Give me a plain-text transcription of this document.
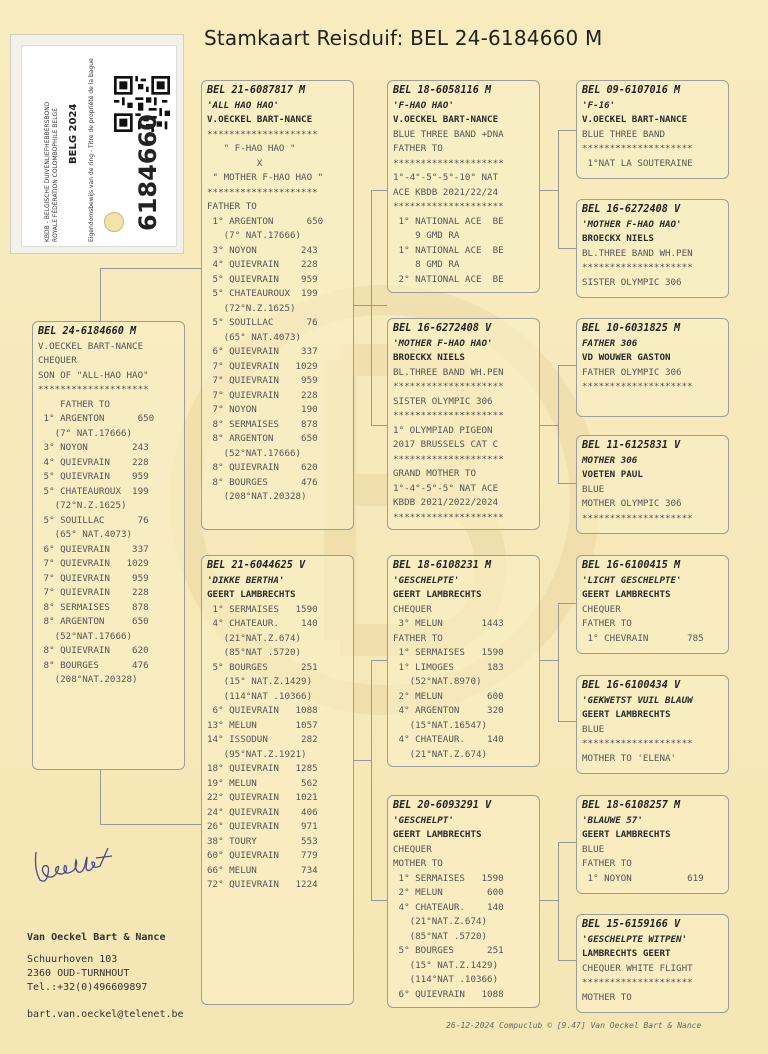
Stamkaart Reisduif: BEL 24-6184660 M
BELG 2024
KBDB - BELGISCHE DUIVENLIEFHEBBERSBOND ROYALE FÉDÉRATION COLOMBOPHILE BELGE	Eigendomsbewijs van de ring - Titre de propriété de la bague 6184660
BEL 24-6184660 M
V.OECKEL BART-NANCE
CHEQUER
SON OF "ALL-HAO HAO"
********************
FATHER TO
1° ARGENTON      650
(7° NAT.17666)
3° NOYON        243
4° QUIEVRAIN    228
5° QUIEVRAIN    959
5° CHATEAUROUX  199
(72°N.Z.1625)
5° SOUILLAC      76
(65° NAT.4073)
6° QUIEVRAIN    337
7° QUIEVRAIN   1029
7° QUIEVRAIN    959
7° QUIEVRAIN    228
8° SERMAISES    878
8° ARGENTON     650
(52°NAT.17666)
8° QUIEVRAIN    620
8° BOURGES      476
(208°NAT.20328)
BEL 21-6087817 M
'ALL HAO HAO'
V.OECKEL BART-NANCE
********************
" F-HAO HAO "
X
" MOTHER F-HAO HAO "
********************
FATHER TO
1° ARGENTON      650
(7° NAT.17666)
3° NOYON        243
4° QUIEVRAIN    228
5° QUIEVRAIN    959
5° CHATEAUROUX  199
(72°N.Z.1625)
5° SOUILLAC      76
(65° NAT.4073)
6° QUIEVRAIN    337
7° QUIEVRAIN   1029
7° QUIEVRAIN    959
7° QUIEVRAIN    228
7° NOYON        190
8° SERMAISES    878
8° ARGENTON     650
(52°NAT.17666)
8° QUIEVRAIN    620
8° BOURGES      476
(208°NAT.20328)
BEL 21-6044625 V
'DIKKE BERTHA'
GEERT LAMBRECHTS
1° SERMAISES   1590
4° CHATEAUR.    140
(21°NAT.Z.674)
(85°NAT .5720)
5° BOURGES      251
(15° NAT.Z.1429)
(114°NAT .10366)
6° QUIEVRAIN   1088
13° MELUN       1057
14° ISSODUN      282
(95°NAT.Z.1921)
18° QUIEVRAIN   1285
19° MELUN        562
22° QUIEVRAIN   1021
24° QUIEVRAIN    406
26° QUIEVRAIN    971
38° TOURY        553
60° QUIEVRAIN    779
66° MELUN        734
72° QUIEVRAIN   1224
BEL 18-6058116 M
'F-HAO HAO'
V.OECKEL BART-NANCE
BLUE THREE BAND +DNA
FATHER TO
********************
1°-4°-5°-5°-10° NAT
ACE KBDB 2021/22/24
********************
1° NATIONAL ACE  BE
9 GMD RA
1° NATIONAL ACE  BE
8 GMD RA
2° NATIONAL ACE  BE
BEL 16-6272408 V
'MOTHER F-HAO HAO'
BROECKX NIELS
BL.THREE BAND WH.PEN
********************
SISTER OLYMPIC 306
********************
1° OLYMPIAD PIGEON
2017 BRUSSELS CAT C
********************
GRAND MOTHER TO
1°-4°-5°-5° NAT ACE
KBDB 2021/2022/2024
********************
BEL 18-6108231 M
'GESCHELPTE'
GEERT LAMBRECHTS
CHEQUER
3° MELUN       1443
FATHER TO
1° SERMAISES   1590
1° LIMOGES      183
(52°NAT.8970)
2° MELUN        600
4° ARGENTON     320
(15°NAT.16547)
4° CHATEAUR.    140
(21°NAT.Z.674)
BEL 20-6093291 V
'GESCHELPT'
GEERT LAMBRECHTS
CHEQUER
MOTHER TO
1° SERMAISES   1590
2° MELUN        600
4° CHATEAUR.    140
(21°NAT.Z.674)
(85°NAT .5720)
5° BOURGES      251
(15° NAT.Z.1429)
(114°NAT .10366)
6° QUIEVRAIN   1088
BEL 09-6107016 M
'F-16'
V.OECKEL BART-NANCE
BLUE THREE BAND
********************
1°NAT LA SOUTERAINE
BEL 16-6272408 V
'MOTHER F-HAO HAO'
BROECKX NIELS
BL.THREE BAND WH.PEN
********************
SISTER OLYMPIC 306
BEL 10-6031825 M
FATHER 306
VD WOUWER GASTON
FATHER OLYMPIC 306
********************
BEL 11-6125831 V
MOTHER 306
VOETEN PAUL
BLUE
MOTHER OLYMPIC 306
********************
BEL 16-6100415 M
'LICHT GESCHELPTE'
GEERT LAMBRECHTS
CHEQUER
FATHER TO
1° CHEVRAIN       785
BEL 16-6100434 V
'GEKWETST VUIL BLAUW
GEERT LAMBRECHTS
BLUE
********************
MOTHER TO 'ELENA'
BEL 18-6108257 M
'BLAUWE 57'
GEERT LAMBRECHTS
BLUE
FATHER TO
1° NOYON          619
BEL 15-6159166 V
'GESCHELPTE WITPEN'
LAMBRECHTS GEERT
CHEQUER WHITE FLIGHT
********************
MOTHER TO
Van Oeckel Bart & Nance
Schuurhoven 103
2360 OUD-TURNHOUT
Tel.:+32(0)496609897
bart.van.oeckel@telenet.be
26-12-2024 Compuclub © [9.47] Van Oeckel Bart & Nance
